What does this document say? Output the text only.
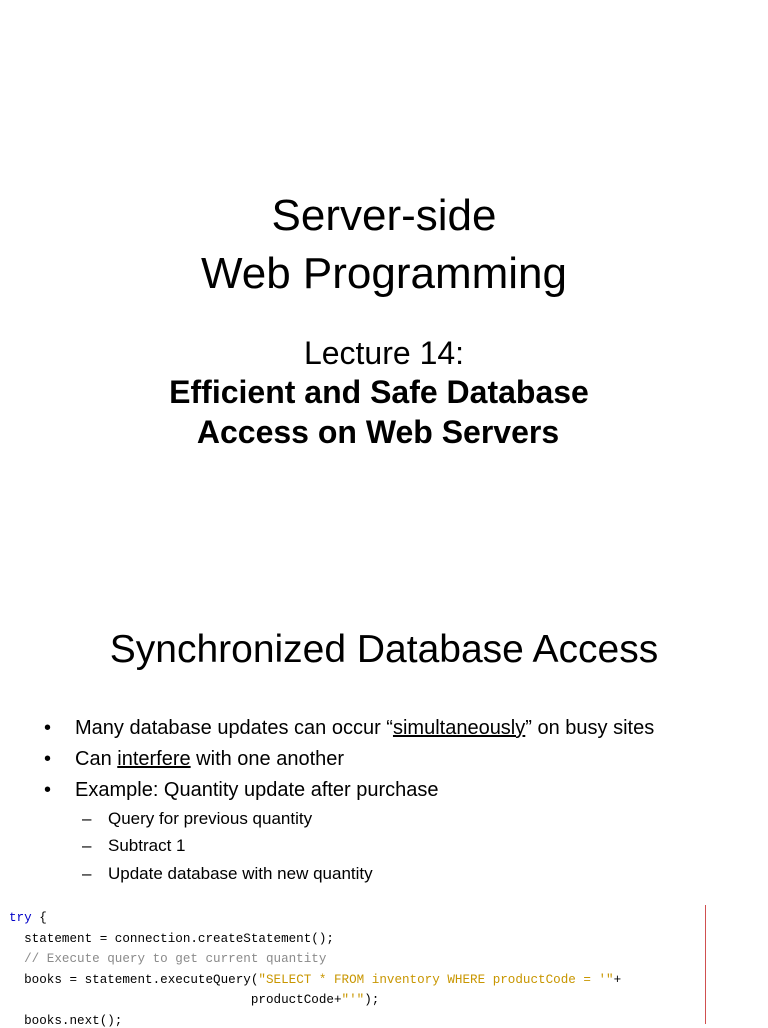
Server-side
Web Programming
Lecture 14:
Efficient and Safe Database
Access on Web Servers
Synchronized Database Access
• Many database updates can occur “simultaneously” on busy sites
• Can interfere with one another
• Example: Quantity update after purchase
– Query for previous quantity
– Subtract 1
– Update database with new quantity
try {
statement = connection.createStatement();
// Execute query to get current quantity
books = statement.executeQuery("SELECT * FROM inventory WHERE productCode = '"+
productCode+"'");
books.next();
